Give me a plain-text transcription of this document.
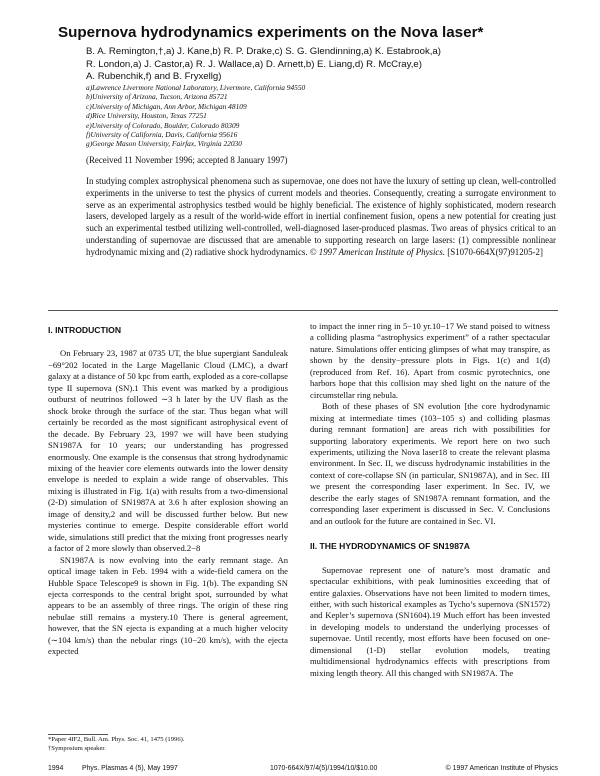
Supernova hydrodynamics experiments on the Nova laser*
B. A. Remington,†,a) J. Kane,b) R. P. Drake,c) S. G. Glendinning,a) K. Estabrook,a)
R. London,a) J. Castor,a) R. J. Wallace,a) D. Arnett,b) E. Liang,d) R. McCray,e)
A. Rubenchik,f) and B. Fryxellg)
a)Lawrence Livermore National Laboratory, Livermore, California 94550
b)University of Arizona, Tucson, Arizona 85721
c)University of Michigan, Ann Arbor, Michigan 48109
d)Rice University, Houston, Texas 77251
e)University of Colorado, Boulder, Colorado 80309
f)University of California, Davis, California 95616
g)George Mason University, Fairfax, Virginia 22030
(Received 11 November 1996; accepted 8 January 1997)
In studying complex astrophysical phenomena such as supernovae, one does not have the luxury of setting up clean, well-controlled experiments in the universe to test the physics of current models and theories. Consequently, creating a surrogate environment to serve as an experimental astrophysics testbed would be highly beneficial. The existence of highly sophisticated, modern research lasers, developed largely as a result of the world-wide effort in inertial confinement fusion, opens a new potential for creating just such an experimental testbed utilizing well-controlled, well-diagnosed laser-produced plasmas. Two areas of physics critical to an understanding of supernovae are discussed that are amenable to supporting research on large lasers: (1) compressible nonlinear hydrodynamic mixing and (2) radiative shock hydrodynamics. © 1997 American Institute of Physics. [S1070-664X(97)91205-2]
I. INTRODUCTION

On February 23, 1987 at 0735 UT, the blue supergiant Sanduleak −69°202 located in the Large Magellanic Cloud (LMC), a dwarf galaxy at a distance of 50 kpc from earth, exploded as a core-collapse type II supernova (SN).1 This event was marked by a prodigious outburst of neutrinos followed ∼3 h later by the UV flash as the shock broke through the surface of the star. Thus began what will certainly be recorded as the most significant astrophysical event of the decade. By February 23, 1997 we will have been studying SN1987A for 10 years; our understanding has progressed enormously. One example is the consensus that strong hydrodynamic mixing of the heavier core elements outwards into the lower density envelope is needed to explain a wide range of observables. This mixing is illustrated in Fig. 1(a) with results from a two-dimensional (2-D) simulation of SN1987A at 3.6 h after explosion showing an image of density,2 and will be discussed further below. But new mysteries continue to emerge. Despite considerable effort world wide, simulations still predict that the mixing front progresses nearly a factor of 2 more slowly than observed.2−8

SN1987A is now evolving into the early remnant stage. An optical image taken in Feb. 1994 with a wide-field camera on the Hubble Space Telescope9 is shown in Fig. 1(b). The expanding SN ejecta corresponds to the central bright spot, surrounded by what appears to be an assembly of three rings. The origin of these ring nebulae still remains a mystery.10 There is general agreement, however, that the SN ejecta is expanding at a much higher velocity (∼104 km/s) than the nebular rings (10−20 km/s), with the ejecta expected

to impact the inner ring in 5−10 yr.10−17 We stand poised to witness a colliding plasma “astrophysics experiment” of a rather spectacular nature. Simulations offer enticing glimpses of what may transpire, as shown by the density−pressure plots in Figs. 1(c) and 1(d) (reproduced from Ref. 16). Apart from cosmic pyrotechnics, one harbors hope that this collision may shed light on the nature of the circumstellar ring nebula.

Both of these phases of SN evolution [the core hydrodynamic mixing at intermediate times (103−105 s) and colliding plasmas during remnant formation] are areas rich with possibilities for supporting laboratory experiments. We report here on two such experiments, utilizing the Nova laser18 to create the relevant plasma environment. In Sec. II, we discuss hydrodynamic instabilities in the context of core-collapse SN (in particular, SN1987A), and in Sec. III we present the corresponding laser experiment. In Sec. IV, we describe the early stages of SN1987A remnant formation, and the corresponding laser experiment is discussed in Sec. V. Conclusions and an outlook for the future are contained in Sec. VI.

II. THE HYDRODYNAMICS OF SN1987A

Supernovae represent one of nature’s most dramatic and spectacular exhibitions, with peak luminosities exceeding that of entire galaxies. Observations have not been limited to modern times, either, with such historical examples as Tycho’s supernova (SN1572) and Kepler’s supernova (SN1604).19 Much effort has been invested in developing models to understand the underlying processes of supernovae. Until recently, most efforts have been focused on one-dimensional (1-D) stellar evolution models, treating multidimensional hydrodynamics effects with prescriptions from mixing length theory. All this changed with SN1987A. The

*Paper 4IF2, Bull. Am. Phys. Soc. 41, 1475 (1996).
†Symposium speaker.
1994	Phys. Plasmas 4 (5), May 1997	1070-664X/97/4(5)/1994/10/$10.00	© 1997 American Institute of Physics
